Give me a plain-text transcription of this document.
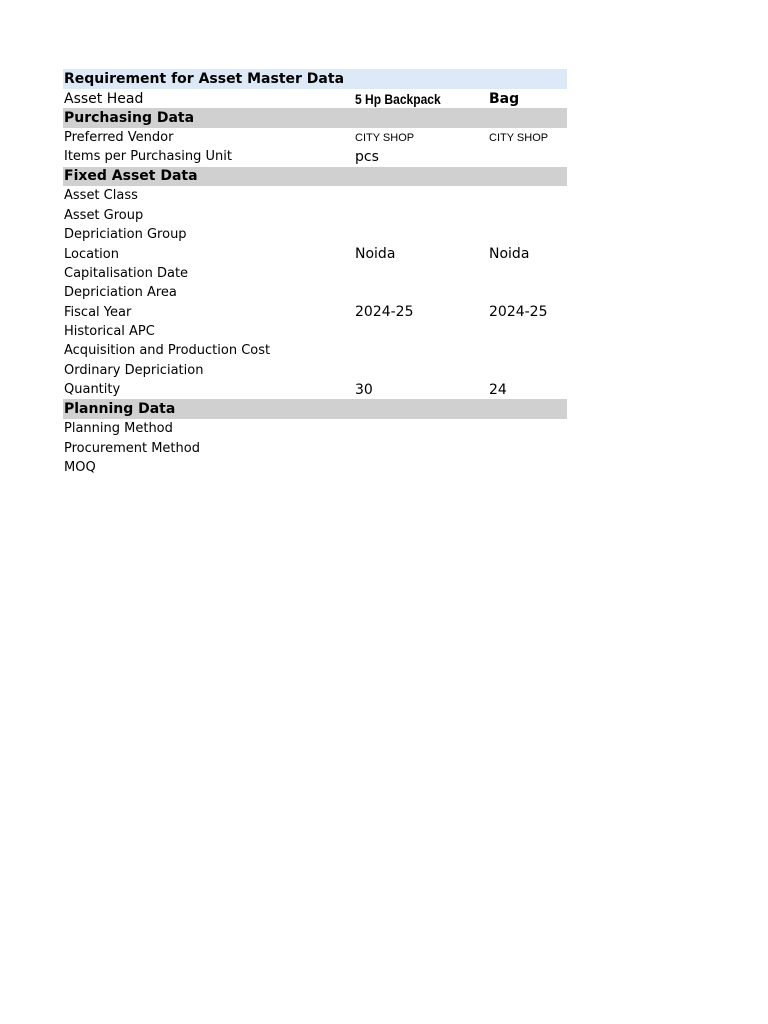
Requirement for Asset Master Data
Asset Head	5 Hp Backpack	Bag
Purchasing Data
Preferred Vendor	CITY SHOP	CITY SHOP
Items per Purchasing Unit	pcs
Fixed Asset Data
Asset Class
Asset Group
Depriciation Group
Location	Noida	Noida
Capitalisation Date
Depriciation Area
Fiscal Year	2024-25	2024-25
Historical APC
Acquisition and Production Cost
Ordinary Depriciation
Quantity	30	24
Planning Data
Planning Method
Procurement Method
MOQ
